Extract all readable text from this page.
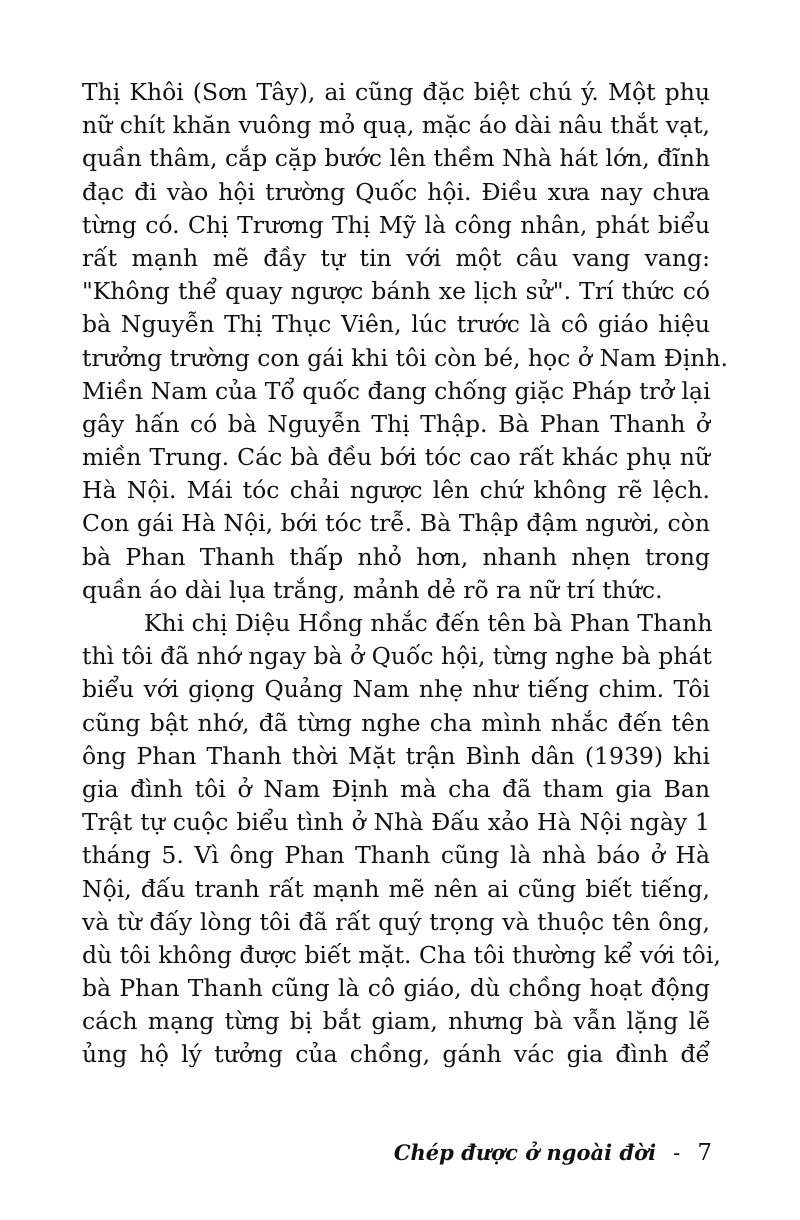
Thị Khôi (Sơn Tây), ai cũng đặc biệt chú ý. Một phụ
nữ chít khăn vuông mỏ quạ, mặc áo dài nâu thắt vạt,
quần thâm, cắp cặp bước lên thềm Nhà hát lớn, đĩnh
đạc đi vào hội trường Quốc hội. Điều xưa nay chưa
từng có. Chị Trương Thị Mỹ là công nhân, phát biểu
rất mạnh mẽ đầy tự tin với một câu vang vang:
"Không thể quay ngược bánh xe lịch sử". Trí thức có
bà Nguyễn Thị Thục Viên, lúc trước là cô giáo hiệu
trưởng trường con gái khi tôi còn bé, học ở Nam Định.
Miền Nam của Tổ quốc đang chống giặc Pháp trở lại
gây hấn có bà Nguyễn Thị Thập. Bà Phan Thanh ở
miền Trung. Các bà đều bới tóc cao rất khác phụ nữ
Hà Nội. Mái tóc chải ngược lên chứ không rẽ lệch.
Con gái Hà Nội, bới tóc trễ. Bà Thập đậm người, còn
bà Phan Thanh thấp nhỏ hơn, nhanh nhẹn trong
quần áo dài lụa trắng, mảnh dẻ rõ ra nữ trí thức.
Khi chị Diệu Hồng nhắc đến tên bà Phan Thanh
thì tôi đã nhớ ngay bà ở Quốc hội, từng nghe bà phát
biểu với giọng Quảng Nam nhẹ như tiếng chim. Tôi
cũng bật nhớ, đã từng nghe cha mình nhắc đến tên
ông Phan Thanh thời Mặt trận Bình dân (1939) khi
gia đình tôi ở Nam Định mà cha đã tham gia Ban
Trật tự cuộc biểu tình ở Nhà Đấu xảo Hà Nội ngày 1
tháng 5. Vì ông Phan Thanh cũng là nhà báo ở Hà
Nội, đấu tranh rất mạnh mẽ nên ai cũng biết tiếng,
và từ đấy lòng tôi đã rất quý trọng và thuộc tên ông,
dù tôi không được biết mặt. Cha tôi thường kể với tôi,
bà Phan Thanh cũng là cô giáo, dù chồng hoạt động
cách mạng từng bị bắt giam, nhưng bà vẫn lặng lẽ
ủng hộ lý tưởng của chồng, gánh vác gia đình để
Chép được ở ngoài đời - 7
